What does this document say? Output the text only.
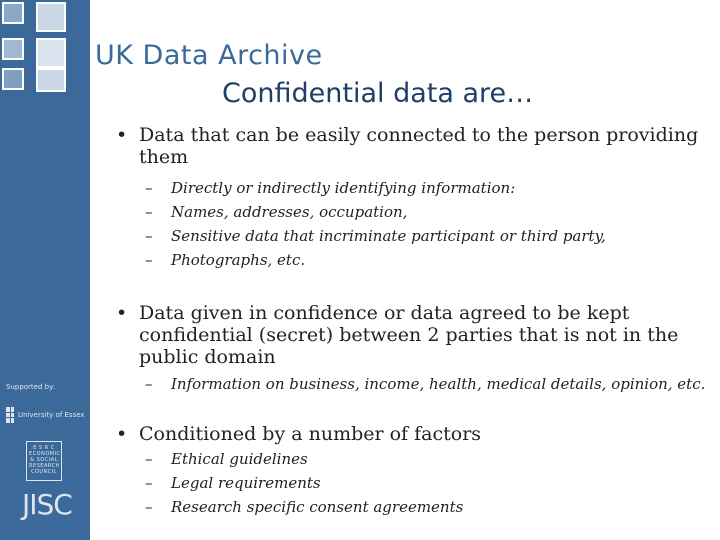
Supported by:
University of Essex
E S R C
ECONOMIC
& SOCIAL
RESEARCH
COUNCIL
JISC
UK Data Archive
Confidential data are…

• Data that can be easily connected to the person providing them

– Directly or indirectly identifying information:
– Names, addresses, occupation,
– Sensitive data that incriminate participant or third party,
– Photographs, etc.

• Data given in confidence or data agreed to be kept confidential (secret) between 2 parties that is not in the public domain

– Information on business, income, health, medical details, opinion, etc.

• Conditioned by a number of factors

– Ethical guidelines
– Legal requirements
– Research specific consent agreements
